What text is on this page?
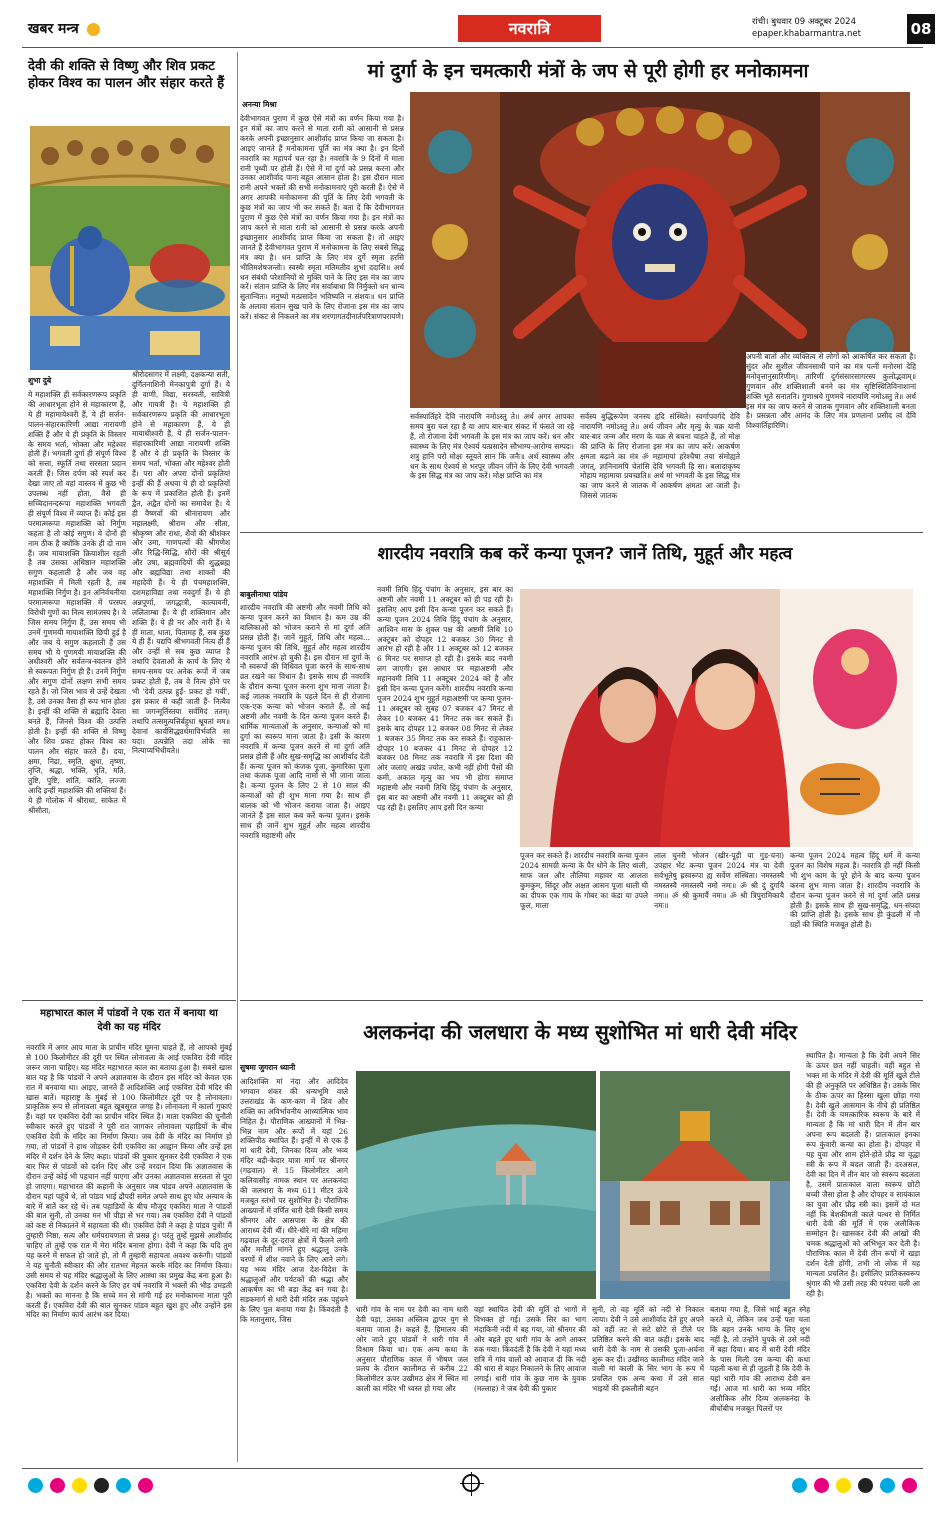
खबर मन्त्र	नवरात्रि	रांची। बुधवार 09 अक्टूबर 2024
epaper.khabarmantra.net	08
देवी की शक्ति से विष्णु और शिव प्रकट होकर विश्व का पालन और संहार करते हैं
शुभा दुबे
ये महाशक्ति ही सर्वकारणरूप प्रकृति की आधारभूता होने से महाकारण हैं, ये ही महामायेश्वरी हैं, ये ही सर्जन-पालन-संहारकारिणी आद्या नारायणी शक्ति हैं और ये ही प्रकृति के विस्तार के समय भर्ता, भोक्ता और महेश्वर होती हैं। भगवती दुर्गा ही संपूर्ण विश्व को सत्ता, स्फूर्ति तथा सरसता प्रदान करती हैं। जिस दर्पण को स्पर्श कर देखा जाए तो वहां वास्तव में कुछ भी उपलब्ध नहीं होता, वैसे ही सच्चिदानन्दरूपा महाशक्ति भगवती ही संपूर्ण विश्व में व्याप्त हैं। कोई इस परमात्मरूपा महाशक्ति को निर्गुण कहता है तो कोई सगुण। ये दोनों ही नाम ठीक हैं क्योंकि उनके ही दो नाम हैं। जब मायाशक्ति क्रियाशील रहती है तब उसका अधिष्ठान महाशक्ति सगुण कहलाती है और जब वह महाशक्ति में मिली रहती है, तब महाशक्ति निर्गुण है। इन अनिर्वचनीया परमात्मरूपा महाशक्ति में परस्पर विरोधी गुणों का नित्य सामंजस्य है। ये जिस समय निर्गुण हैं, उस समय भी उनमें गुणमयी मायाशक्ति छिपी हुई है और जब ये सगुण कहलाती हैं उस समय भी ये गुणमयी मायाशक्ति की अधीश्वरी और सर्वतन्त्र-स्वतन्त्र होने से स्वरूपतः निर्गुण ही हैं। उनमें निर्गुण और सगुण दोनों लक्षण सभी समय रहते हैं। जो जिस भाव से उन्हें देखता है, उसे उनका वैसा ही रूप भान होता है। इन्हीं की शक्ति से ब्रह्मादि देवता बनते हैं, जिनसे विश्व की उत्पत्ति होती है। इन्हीं की शक्ति से विष्णु और शिव प्रकट होकर विश्व का पालन और संहार करते हैं। दया, क्षमा, निद्रा, स्मृति, क्षुधा, तृष्णा, तृप्ति, श्रद्धा, भक्ति, धृति, मति, तुष्टि, पुष्टि, शांति, कांति, लज्जा आदि इन्हीं महाशक्ति की शक्तियां हैं। ये ही गोलोक में श्रीराधा, साकेत में श्रीसीता,
श्रीरोदसागर में लक्ष्मी, दक्षकन्या सती, दुर्गितनाशिनी मेनकापुत्री दुर्गा हैं। ये ही वाणी, विद्या, सरस्वती, सावित्री और गायत्री हैं। ये महाशक्ति ही सर्वकारणरूप प्रकृति की आधारभूता होने से महाकारण हैं, ये ही मायाधीश्वरी हैं, ये ही सर्जन-पालन-संहारकारिणी आद्या नारायणी शक्ति हैं और ये ही प्रकृति के विस्तार के समय भर्ता, भोक्ता और महेश्वर होती हैं। परा और अपरा दोनों प्रकृतियां इन्हीं की हैं अथवा ये ही दो प्रकृतियों के रूप में प्रकाशित होती हैं। इनमें द्वैत, अद्वैत दोनों का समावेश है। ये ही वैष्णवों की श्रीनारायण और महालक्ष्मी, श्रीराम और सीता, श्रीकृष्ण और राधा, शैवों की श्रीशंकर और उमा, गाणपत्यों की श्रीगणेश और रिद्धि-सिद्धि, सौरों की श्रीसूर्य और उषा, ब्रह्मवादियों की शुद्धब्रह्म और ब्रह्मविद्या तथा शाक्तों की महादेवी हैं। ये ही पंचमहाशक्ति, दशमहाविद्या तथा नवदुर्गा हैं। ये ही अन्नपूर्णा, जगद्धात्री, कात्यायनी, ललिताम्बा हैं। ये ही शक्तिमान और शक्ति हैं। ये ही नर और नारी हैं। ये ही माता, धाता, पितामह हैं, सब कुछ ये ही हैं। यद्यपि श्रीभगवती नित्य ही हैं और उन्हीं से सब कुछ व्याप्त है तथापि देवताओं के कार्य के लिए ये समय-समय पर अनेक रूपों में जब प्रकट होती हैं, तब वे नित्य होने पर भी 'देवी उत्पन्न हुईं- प्रकट हो गयीं', इस प्रकार से कही जाती हैं- नित्यैव सा जगन्मूर्तिस्तया सर्वमिदं ततम्। तथापि तत्समुत्पत्तिर्बहुधा श्रूयतां मम॥ देवानां कार्यसिद्ध्यर्थमाविर्भवति सा यदा। उत्पन्नेति तदा लोके सा नित्याप्यभिधीयते॥
महाभारत काल में पांडवों ने एक रात में बनाया था देवी का यह मंदिर
नवरात्रि में अगर आप माता के प्राचीन मंदिर घूमना चाहते हैं, तो आपको मुंबई से 100 किलोमीटर की दूरी पर स्थित लोनावला के आई एकविरा देवी मंदिर जरूर जाना चाहिए। यह मंदिर महाभारत काल का बताया हुआ है। सबसे खास बात यह है कि पांडवों ने अपने अज्ञातवास के दौरान इस मंदिर को केवल एक रात में बनवाया था। आइए, जानते हैं आदिशक्ति आई एकविरा देवी मंदिर की खास बातें। महाराष्ट्र के मुंबई से 100 किलोमीटर दूरी पर है लोनावला। प्राकृतिक रूप से लोनावला बहुत खूबसूरत जगह है। लोनावला में कार्ला गुफाएं हैं। यहां पर एकविरा देवी का प्राचीन मंदिर स्थित है। माता एकविरा की चुनौती स्वीकार करते हुए पांडवों ने पूरी रात जागकर लोनावला पहाड़ियों के बीच एकविरा देवी के मंदिर का निर्माण किया। जब देवी के मंदिर का निर्माण हो गया, तो पांडवों ने हाथ जोड़कर देवी एकविरा का आह्वान किया और उन्हें इस मंदिर में दर्शन देने के लिए कहा। पांडवों की पुकार सुनकर देवी एकविरा ने एक बार फिर से पांडवों को दर्शन दिए और उन्हें वरदान दिया कि अज्ञातवास के दौरान उन्हें कोई भी पहचान नहीं पाएगा और उनका अज्ञातवास सरलता से पूरा हो जाएगा। महाभारत की कहानी के अनुसार जब पांडव अपने अज्ञातवास के दौरान यहां पहुंचे थे, तो पांडव भाई द्रौपदी समेत अपने साथ हुए घोर अन्याय के बारे में बातें कर रहे थे। तब पहाड़ियों के बीच मौजूद एकविरा माता ने पांडवों की बात सुनी, तो उनका मन भी पीड़ा से भर गया। तब एकविरा देवी ने पांडवों को कष्ट से निकालने में सहायता की थी। एकविरा देवी ने कहा हे पांडव पुत्रों! मैं तुम्हारी निष्ठा, सत्य और धर्मपरायणता से प्रसन्न हूं। परंतु तुम्हें मुझसे आशीर्वाद चाहिए तो तुम्हें एक रात में मेरा मंदिर बनाना होगा। देवी ने कहा कि यदि तुम यह करने में सफल हो जाते हो, तो मैं तुम्हारी सहायता अवश्य करूंगी। पांडवों ने यह चुनौती स्वीकार की और रातभर मेहनत करके मंदिर का निर्माण किया। उसी समय से यह मंदिर श्रद्धालुओं के लिए आस्था का प्रमुख केंद्र बना हुआ है। एकविरा देवी के दर्शन करने के लिए हर वर्ष नवरात्रि में भक्तों की भीड़ उमड़ती है। भक्तों का मानना है कि सच्चे मन से मांगी गई हर मनोकामना माता पूरी करती हैं। एकविरा देवी की बात सुनकर पांडव बहुत खुश हुए और उन्होंने इस मंदिर का निर्माण कार्य आरंभ कर दिया।
मां दुर्गा के इन चमत्कारी मंत्रों के जप से पूरी होगी हर मनोकामना
अनन्या मिश्रा
देवीभागवत पुराण में कुछ ऐसे मंत्रों का वर्णन किया गया है। इन मंत्रों का जाप करने से माता रानी को आसानी से प्रसन्न करके अपनी इच्छानुसार आशीर्वाद प्राप्त किया जा सकता है। आइए जानते हैं मनोकामना पूर्ति का मंत्र क्या है। इन दिनों नवरात्रि का महापर्व चल रहा है। नवरात्रि के 9 दिनों में माता रानी पृथ्वी पर होती हैं। ऐसे में मां दुर्गा को प्रसन्न करना और उनका आशीर्वाद पाना बहुत आसान होता है। इस दौरान माता रानी अपने भक्तों की सभी मनोकामनाएं पूरी करती हैं। ऐसे में अगर आपकी मनोकामना की पूर्ति के लिए देवी भगवती के कुछ मंत्रों का जाप भी कर सकते हैं। बता दें कि देवीभागवत पुराण में कुछ ऐसे मंत्रों का वर्णन किया गया है। इन मंत्रों का जाप करने से माता रानी को आसानी से प्रसन्न करके अपनी इच्छानुसार आशीर्वाद प्राप्त किया जा सकता है। तो आइए जानते हैं देवीभागवत पुराण में मनोकामना के लिए सबसे सिद्ध मंत्र क्या है। धन प्राप्ति के लिए मंत्र दुर्गे स्मृता हरसि भीतिमशेषजन्तोः। स्वस्थैः स्मृता मतिमतीव शुभां ददासि॥ अर्थ धन संबंधी परेशानियों से मुक्ति पाने के लिए इस मंत्र का जाप करें। संतान प्राप्ति के लिए मंत्र सर्वाबाधा वि निर्मुक्तो धन धान्य सुतान्वितः। मनुष्यो मत्प्रसादेन भविष्यति न संशयः॥ धन प्राप्ति के अलावा संतान सुख पाने के लिए रोजाना इस मंत्र का जाप करें। संकट से निकलने का मंत्र शरणागतदीनार्तपरित्राणपरायणे।
सर्वस्यार्तिहरे देवि नारायणि नमोऽस्तु ते॥ अर्थ अगर आपका समय बुरा चल रहा है या आप बार-बार संकट में फंसते जा रहे हैं, तो रोजाना देवी भगवती के इस मंत्र का जाप करें। धन और स्वास्थ्य के लिए मंत्र ऐश्वर्य यत्प्रसादेन सौभाग्य-आरोग्य सम्पदः। शत्रु हानि परो मोक्षः स्तूयते सान किं जनैः॥ अर्थ स्वास्थ्य और धन के साथ ऐश्वर्य से भरपूर जीवन जीने के लिए देवी भगवती के इस सिद्ध मंत्र का जाप करें। मोक्ष प्राप्ति का मंत्र
सर्वस्य बुद्धिरूपेण जनस्य हृदि संस्थिते। स्वर्गापवर्गदे देवि नारायणि नमोऽस्तु ते॥ अर्थ जीवन और मृत्यु के चक्र यानी बार-बार जन्म और मरण के चक्र से बचना चाहते हैं, तो मोक्ष की प्राप्ति के लिए रोजाना इस मंत्र का जाप करें। आकर्षण क्षमता बढ़ाने का मंत्र ॐ महामायां हरेश्चैषा तया संमोह्यते जगत्, ज्ञानिनामपि चेतांसि देवि भगवती हि सा। बलादाकृष्य मोहाय महामाया प्रयच्छति॥ अर्थ मां भगवती के इस सिद्ध मंत्र का जाप करने से जातक में आकर्षण क्षमता आ जाती है। जिससे जातक
अपनी बातों और व्यक्तित्व से लोगों को आकर्षित कर सकता है। सुंदर और सुशील जीवनसाथी पाने का मंत्र पत्नीं मनोरमां देहि मनोवृत्तानुसारिणीम्। तारिणीं दुर्गसंसारसागरस्य कुलोद्भवाम्॥ गुणवान और शक्तिशाली बनने का मंत्र सृष्टिस्थितिविनाशानां शक्ति भूते सनातनि। गुणाश्रये गुणमये नारायणि नमोऽस्तु ते॥ अर्थ इस मंत्र का जाप करने से जातक गुणवान और शक्तिशाली बनता है। प्रसन्नता और आनंद के लिए मंत्र प्रणतानां प्रसीद त्वं देवि विश्वार्तिहारिणि।
शारदीय नवरात्रि कब करें कन्या पूजन? जानें तिथि, मुहूर्त और महत्व
बाबुलीनाथा पांडेय
शारदीय नवरात्रि की अष्टमी और नवमी तिथि को कन्या पूजन करने का विधान है। कम उम्र की बालिकाओं को भोजन कराने से मां दुर्गा अति प्रसन्न होती हैं। जानें मुहूर्त, तिथि और महत्व... कन्या पूजन की तिथि, मुहूर्त और महत्व शारदीय नवरात्रि आरंभ हो चुकी है। इस दौरान मां दुर्गा के नौ स्वरूपों की विधिवत पूजा करने के साथ-साथ व्रत रखने का विधान है। इसके साथ ही नवरात्रि के दौरान कन्या पूजन करना शुभ माना जाता है। कई जातक नवरात्रि के पहले दिन से ही रोजाना एक-एक कन्या को भोजन कराते हैं, तो कई अष्टमी और नवमी के दिन कन्या पूजन करते हैं। धार्मिक मान्यताओं के अनुसार, कन्याओं को मां दुर्गा का स्वरूप माना जाता है। इसी के कारण नवरात्रि में कन्या पूजन करने से मां दुर्गा अति प्रसन्न होती हैं और सुख-समृद्धि का आशीर्वाद देती हैं। कन्या पूजन को कंजक पूजा, कुमारिका पूजा तथा कंजक पूजा आदि नामों से भी जाना जाता है। कन्या पूजन के लिए 2 से 10 साल की कन्याओं को ही शुभ माना गया है। साथ ही बालक को भी भोजन कराया जाता है। आइए जानते हैं इस साल कब करें कन्या पूजन। इसके साथ ही जानें शुभ मुहूर्त और महत्व शारदीय नवरात्रि महाष्टमी और
नवमी तिथि हिंदू पंचांग के अनुसार, इस बार का अष्टमी और नवमी 11 अक्टूबर को ही पड़ रही है। इसलिए आप इसी दिन कन्या पूजन कर सकते हैं। कन्या पूजन 2024 तिथि हिंदू पंचांग के अनुसार, आश्विन मास के शुक्ल पक्ष की अष्टमी तिथि 10 अक्टूबर को दोपहर 12 बजकर 30 मिनट से आरंभ हो रही है और 11 अक्टूबर को 12 बजकर 6 मिनट पर समाप्त हो रही है। इसके बाद नवमी लग जाएगी। इस आधार पर महाअष्टमी और महानवमी तिथि 11 अक्टूबर 2024 को है और इसी दिन कन्या पूजन करेंगे। शारदीय नवरात्रि कन्या पूजन 2024 शुभ मुहूर्त महाअष्टमी पर कन्या पूजन- 11 अक्टूबर को सुबह 07 बजकर 47 मिनट से लेकर 10 बजकर 41 मिनट तक कर सकते हैं। इसके बाद दोपहर 12 बजकर 08 मिनट से लेकर 1 बजकर 35 मिनट तक कर सकते हैं। राहुकाल- दोपहर 10 बजकर 41 मिनट से दोपहर 12 बजकर 08 मिनट तक नवरात्रि में इस दिशा की ओर जलाएं अखंड ज्योत, कभी नहीं होगी पैसों की कमी, अकाल मृत्यु का भय भी होगा समाप्त महाष्टमी और नवमी तिथि हिंदू पंचांग के अनुसार, इस बार का अष्टमी और नवमी 11 अक्टूबर को ही पड़ रही है। इसलिए आप इसी दिन कन्या
पूजन कर सकते हैं। शारदीय नवरात्रि कन्या पूजन 2024 सामग्री कन्या के पैर धोने के लिए थाली, साफ जल और तौलिया महावर या आलता कुमकुम, सिंदूर और अक्षत आसन पूजा थाली घी का दीपक एक गाय के गोबर का कंडा या उपले फूल, माला
लाल चुनरी भोजन (खीर-पूड़ी या गुड़-चना) उपहार भेंट कन्या पूजन 2024 मंत्र या देवी सर्वभूतेषु ह्रस्वरूपा ह्य सर्वेण संस्थिता। नमस्तस्यै नमस्तस्यै नमस्तस्यै नमो नमः॥ ॐ श्री दुं दुर्गायै नमः॥ ॐ श्री कुमार्यै नमः॥ ॐ श्री त्रिपुरामिकायै नमः॥
कन्या पूजन 2024 महत्व हिंदू धर्म में कन्या पूजन का विशेष महत्व है। नवरात्रि ही नहीं किसी भी शुभ काम के पूरे होने के बाद कन्या पूजन करना शुभ माना जाता है। शारदीय नवरात्रि के दौरान कन्या पूजन करने से मां दुर्गा अति प्रसन्न होती हैं। इसके साथ ही सुख-समृद्धि, धन-संपदा की प्राप्ति होती है। इसके साथ ही कुंडली में नौ ग्रहों की स्थिति मजबूत होती है।
अलकनंदा की जलधारा के मध्य सुशोभित मां धारी देवी मंदिर
सुषमा जुगरान ध्यानी
आदिशक्ति मां नंदा और आदिदेव भगवान शंकर की धन्यभूमि वाले उत्तराखंड के कण-कण में शिव और शक्ति का अविर्भावनीय आध्यात्मिक भाव निहित है। पौराणिक आख्यानों में भिन्न-भिन्न नाम और रूपों में यहां 26 शक्तिपीठ स्थापित हैं। इन्हीं में से एक हैं मां धारी देवी, जिनका दिव्य और भव्य मंदिर बद्री-केदार यात्रा मार्ग पर श्रीनगर (गढ़वाल) से 15 किलोमीटर आगे कलियासौड़ नामक स्थान पर अलकनंदा की जलधारा के मध्य 611 मीटर ऊंचे मजबूत स्तंभों पर सुशोभित है। पौराणिक आख्यानों में वर्णित धारी देवी किसी समय श्रीनगर और आसपास के क्षेत्र की आराध्य देवी थीं। धीरे-धीरे मां की महिमा गढ़वाल के दूर-दराज क्षेत्रों में फैलने लगी और मनौती मांगने हुए श्रद्धालु उनके चरणों में शीश नवाने के लिए आने लगे। यह भव्य मंदिर आज देश-विदेश के श्रद्धालुओं और पर्यटकों की श्रद्धा और आकर्षण का भी बड़ा केंद्र बन गया है। सड़कमार्ग से धारी देवी मंदिर तक पहुंचने के लिए पुल बनाया गया है। किंवदंती है कि मतानुसार, जिस
धारी गांव के नाम पर देवी का नाम धारी देवी पड़ा, उसका अस्तित्व द्वापर युग से बताया जाता है। कहते हैं, हिमालय की ओर जाते हुए पांडवों ने धारी गांव में विश्राम किया था। एक अन्य कथा के अनुसार पौराणिक काल में भीषण जल प्रलय के दौरान कालीमठ से करीब 22 किलोमीटर ऊपर उखीमठ क्षेत्र में स्थित मां काली का मंदिर भी ध्वस्त हो गया और
वहां स्थापित देवी की मूर्ति दो भागों में विभक्त हो गई। उसके सिर का भाग मंदाकिनी नदी में बह गया, जो श्रीनगर की ओर बहते हुए धारी गांव के आगे आकर रुक गया। किंवदंती है कि देवी ने यहां मध्य रात्रि में गांव वालों को आवाज दी कि नदी की धारा से बाहर निकालने के लिए आवाज लगाई। धारी गांव के कुछ नाम के युवक (मल्लाह) ने जब देवी की पुकार
सुनी, तो वह मूर्ति को नदी से निकाल लाया। देवी ने उसे आशीर्वाद देते हुए अपने को वहीं तट से सटे छोटे से टीले पर प्रतिष्ठित करने की बात कही। इसके बाद धारी देवी के नाम से उसकी पूजा-अर्चना शुरू कर दी। उखीमठ कालीमठ मंदिर जाने वाली मां काली के सिर भाग के रूप में प्रचलित एक अन्य कथा में उसे सात भाइयों की इकलौती बहन
बताया गया है, जिसे भाई बहुत स्नेह करते थे, लेकिन जब उन्हें पता चला कि बहन उनके भाग्य के लिए शुभ नहीं है, तो उन्होंने चुपके से उसे नदी में बहा दिया। बाद में धारी देवी मंदिर के पास मिली उस कन्या की कथा पहली कथा से ही जुड़ती है कि देवी के यहां धारी गांव की आराध्य देवी बन गईं। आज मां धारी का भव्य मंदिर अलौकिक और दिव्य अलकनंदा के बीचोंबीच मजबूत पिलरों पर
स्थापित है। मान्यता है कि देवी अपने सिर के ऊपर छत नहीं चाहती। वहीं बहुत से भक्त मां के मंदिर में देवी की मूर्ति खुले टीले की ही अनुकृति पर अधिष्ठित है। उसके सिर के ठीक ऊपर का हिस्सा खुला छोड़ा गया है। देवी खुले आसमान के नीचे ही प्रतिष्ठित हैं। देवी के चमत्कारिक स्वरूप के बारे में मान्यता है कि मां धारी दिन में तीन बार अपना रूप बदलती हैं। प्रातःकाल इनका रूप कुंवारी कन्या का होता है। दोपहर में यह युवा और शाम होते-होते प्रौढ़ या वृद्धा स्त्री के रूप में बदल जाती हैं। दरअसल, देवी का दिन में तीन बार जो स्वरूप बदलता है, उसमें प्रातःकाल वाला स्वरूप छोटी बच्ची जैसा होता है और दोपहर व सायंकाल का युवा और प्रौढ़ स्त्री का। इसमें दो मत नहीं कि बेशकीमती काले पत्थर से निर्मित धारी देवी की मूर्ति में एक अलौकिक सम्मोहन है। खासकर देवी की आंखों की चमक श्रद्धालुओं को अभिभूत कर देती है। पौराणिक काल में देवी तीन रूपों में खड़ा दर्शन देती होंगी, तभी तो लोक में यह मान्यता प्रचलित है। इसीलिए प्रातिकस्वरूप श्रृंगार की भी उसी तरह की परंपरा चली आ रही है।
